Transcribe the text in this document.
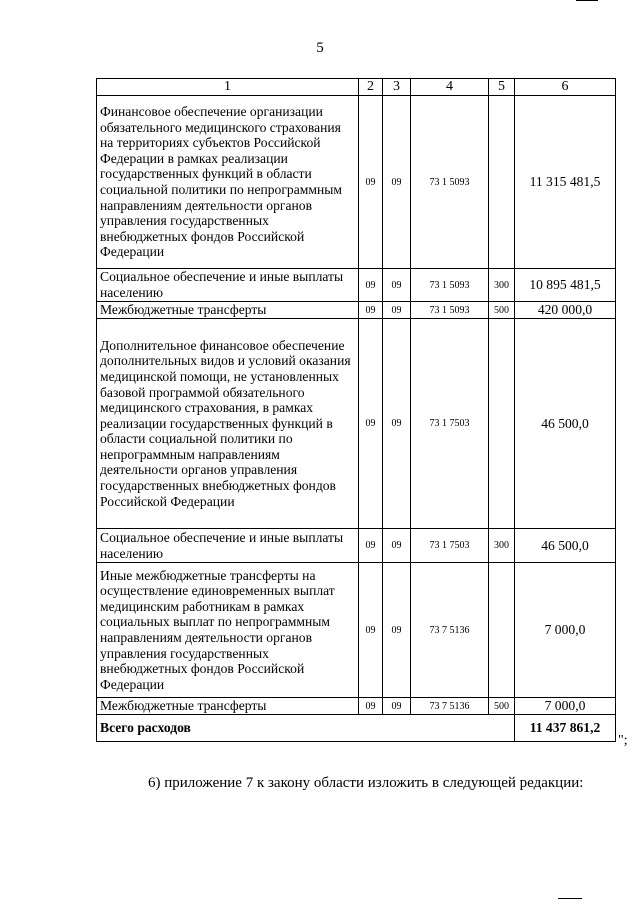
5
1	2	3	4	5	6
Финансовое обеспечение организации обязательного медицинского страхования на территориях субъектов Российской Федерации в рамках реализации государственных функций в области социальной политики по непрограммным направлениям деятельности органов управления государственных внебюджетных фондов Российской Федерации	09	09	73 1 5093		11 315 481,5
Социальное обеспечение и иные выплаты населению	09	09	73 1 5093	300	10 895 481,5
Межбюджетные трансферты	09	09	73 1 5093	500	420 000,0
Дополнительное финансовое обеспечение дополнительных видов и условий оказания медицинской помощи, не установленных базовой программой обязательного медицинского страхования, в рамках реализации государственных функций в области социальной политики по непрограммным направлениям деятельности органов управления государственных внебюджетных фондов Российской Федерации	09	09	73 1 7503		46 500,0
Социальное обеспечение и иные выплаты населению	09	09	73 1 7503	300	46 500,0
Иные межбюджетные трансферты на осуществление единовременных выплат медицинским работникам в рамках социальных выплат по непрограммным направлениям деятельности органов управления государственных внебюджетных фондов Российской Федерации	09	09	73 7 5136		7 000,0
Межбюджетные трансферты	09	09	73 7 5136	500	7 000,0
Всего расходов					11 437 861,2
";
6) приложение 7 к закону области изложить в следующей редакции:
